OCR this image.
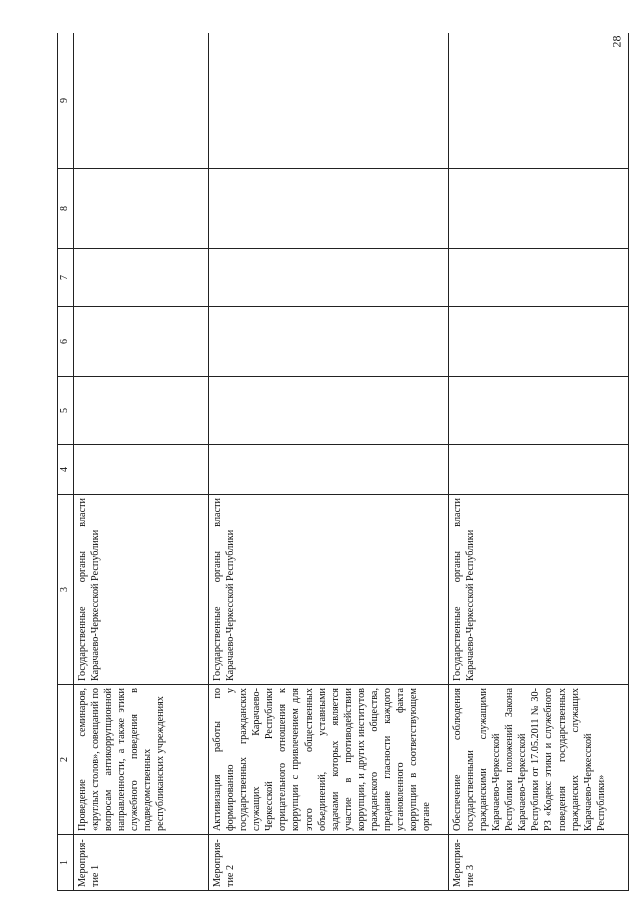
28
1	2	3	4	5	6	7	8	9
Мероприя-тие 1	Проведение семинаров, «круглых столов», совещаний по вопросам антикоррупционной направленности, а также этики служебного поведения в подведомственных республиканских учреждениях	Государственные органы власти Карачаево-Черкесской Республики						
Мероприя-тие 2	Активизация работы по формированию у государственных гражданских служащих Карачаево-Черкесской Республики отрицательного отношения к коррупции с привлечением для этого общественных объединений, уставными задачами которых является участие в противодействии коррупции, и других институтов гражданского общества, предание гласности каждого установленного факта коррупции в соответствующем органе	Государственные органы власти Карачаево-Черкесской Республики						
Мероприя-тие 3	Обеспечение соблюдения государственными гражданскими служащими Карачаево-Черкесской Республики положений Закона Карачаево-Черкесской Республики от 17.05.2011 № 30-РЗ «Кодекс этики и служебного поведения государственных гражданских служащих Карачаево-Черкесской Республики»	Государственные органы власти Карачаево-Черкесской Республики						
